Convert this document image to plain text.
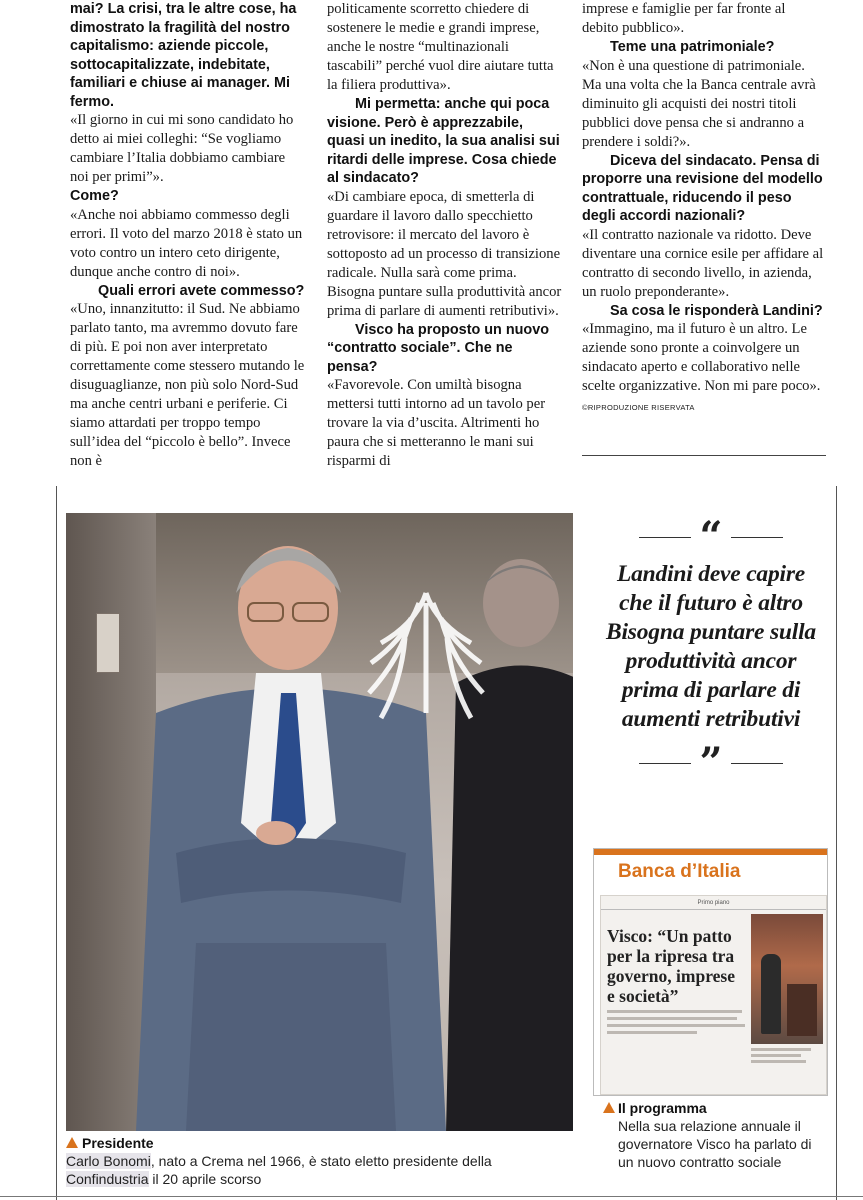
mai? La crisi, tra le altre cose, ha dimostrato la fragilità del nostro capitalismo: aziende piccole, sottocapitalizzate, indebitate, familiari e chiuse ai manager. Mi fermo.

«Il giorno in cui mi sono candidato ho detto ai miei colleghi: “Se vogliamo cambiare l’Italia dobbiamo cambiare noi per primi”».

Come?

«Anche noi abbiamo commesso degli errori. Il voto del marzo 2018 è stato un voto contro un intero ceto dirigente, dunque anche contro di noi».

Quali errori avete commesso?

«Uno, innanzitutto: il Sud. Ne abbiamo parlato tanto, ma avremmo dovuto fare di più. E poi non aver interpretato correttamente come stessero mutando le disuguaglianze, non più solo Nord-Sud ma anche centri urbani e periferie. Ci siamo attardati per troppo tempo sull’idea del “piccolo è bello”. Invece non è

politicamente scorretto chiedere di sostenere le medie e grandi imprese, anche le nostre “multinazionali tascabili” perché vuol dire aiutare tutta la filiera produttiva».

Mi permetta: anche qui poca visione. Però è apprezzabile, quasi un inedito, la sua analisi sui ritardi delle imprese. Cosa chiede al sindacato?

«Di cambiare epoca, di smetterla di guardare il lavoro dallo specchietto retrovisore: il mercato del lavoro è sottoposto ad un processo di transizione radicale. Nulla sarà come prima. Bisogna puntare sulla produttività ancor prima di parlare di aumenti retributivi».

Visco ha proposto un nuovo “contratto sociale”. Che ne pensa?

«Favorevole. Con umiltà bisogna mettersi tutti intorno ad un tavolo per trovare la via d’uscita. Altrimenti ho paura che si metteranno le mani sui risparmi di

imprese e famiglie per far fronte al debito pubblico».

Teme una patrimoniale?

«Non è una questione di patrimoniale. Ma una volta che la Banca centrale avrà diminuito gli acquisti dei nostri titoli pubblici dove pensa che si andranno a prendere i soldi?».

Diceva del sindacato. Pensa di proporre una revisione del modello contrattuale, riducendo il peso degli accordi nazionali?

«Il contratto nazionale va ridotto. Deve diventare una cornice esile per affidare al contratto di secondo livello, in azienda, un ruolo preponderante».

Sa cosa le risponderà Landini?

«Immagino, ma il futuro è un altro. Le aziende sono pronte a coinvolgere un sindacato aperto e collaborativo nelle scelte organizzative. Non mi pare poco».

©RIPRODUZIONE RISERVATA
“
Landini deve capire che il futuro è altro Bisogna puntare sulla produttività ancor prima di parlare di aumenti retributivi
”
Banca d’Italia
Primo piano
Visco: “Un patto per la ripresa tra governo, imprese e società”
Il programma
Nella sua relazione annuale il governatore Visco ha parlato di un nuovo contratto sociale
Presidente
Carlo Bonomi, nato a Crema nel 1966, è stato eletto presidente della Confindustria il 20 aprile scorso
